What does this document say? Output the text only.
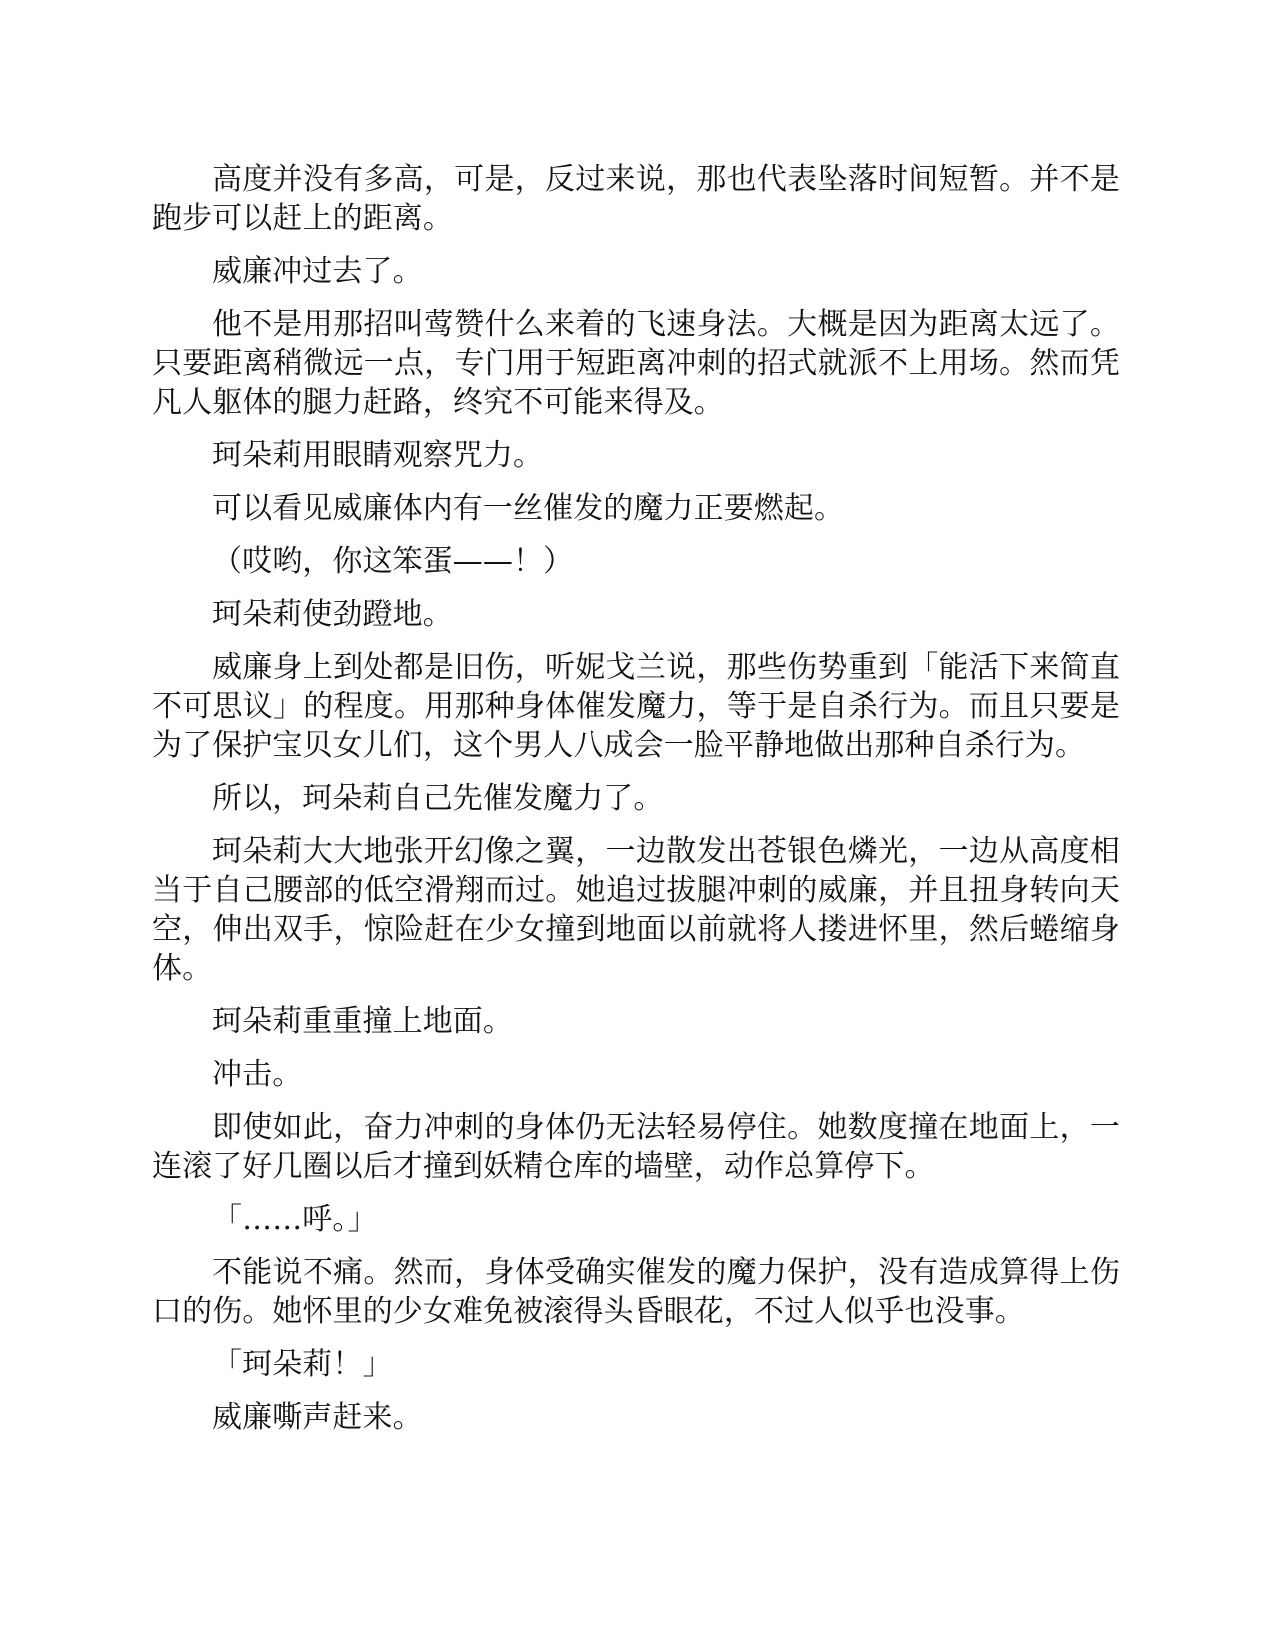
高度并没有多高，可是，反过来说，那也代表坠落时间短暂。并不是跑步可以赶上的距离。

威廉冲过去了。

他不是用那招叫莺赞什么来着的飞速身法。大概是因为距离太远了。只要距离稍微远一点，专门用于短距离冲刺的招式就派不上用场。然而凭凡人躯体的腿力赶路，终究不可能来得及。

珂朵莉用眼睛观察咒力。

可以看见威廉体内有一丝催发的魔力正要燃起。

（哎哟，你这笨蛋——！）

珂朵莉使劲蹬地。

威廉身上到处都是旧伤，听妮戈兰说，那些伤势重到「能活下来简直不可思议」的程度。用那种身体催发魔力，等于是自杀行为。而且只要是为了保护宝贝女儿们，这个男人八成会一脸平静地做出那种自杀行为。

所以，珂朵莉自己先催发魔力了。

珂朵莉大大地张开幻像之翼，一边散发出苍银色燐光，一边从高度相当于自己腰部的低空滑翔而过。她追过拔腿冲刺的威廉，并且扭身转向天空，伸出双手，惊险赶在少女撞到地面以前就将人搂进怀里，然后蜷缩身体。

珂朵莉重重撞上地面。

冲击。

即使如此，奋力冲刺的身体仍无法轻易停住。她数度撞在地面上，一连滚了好几圈以后才撞到妖精仓库的墙壁，动作总算停下。

「……呼。」

不能说不痛。然而，身体受确实催发的魔力保护，没有造成算得上伤口的伤。她怀里的少女难免被滚得头昏眼花，不过人似乎也没事。

「珂朵莉！」

威廉嘶声赶来。
